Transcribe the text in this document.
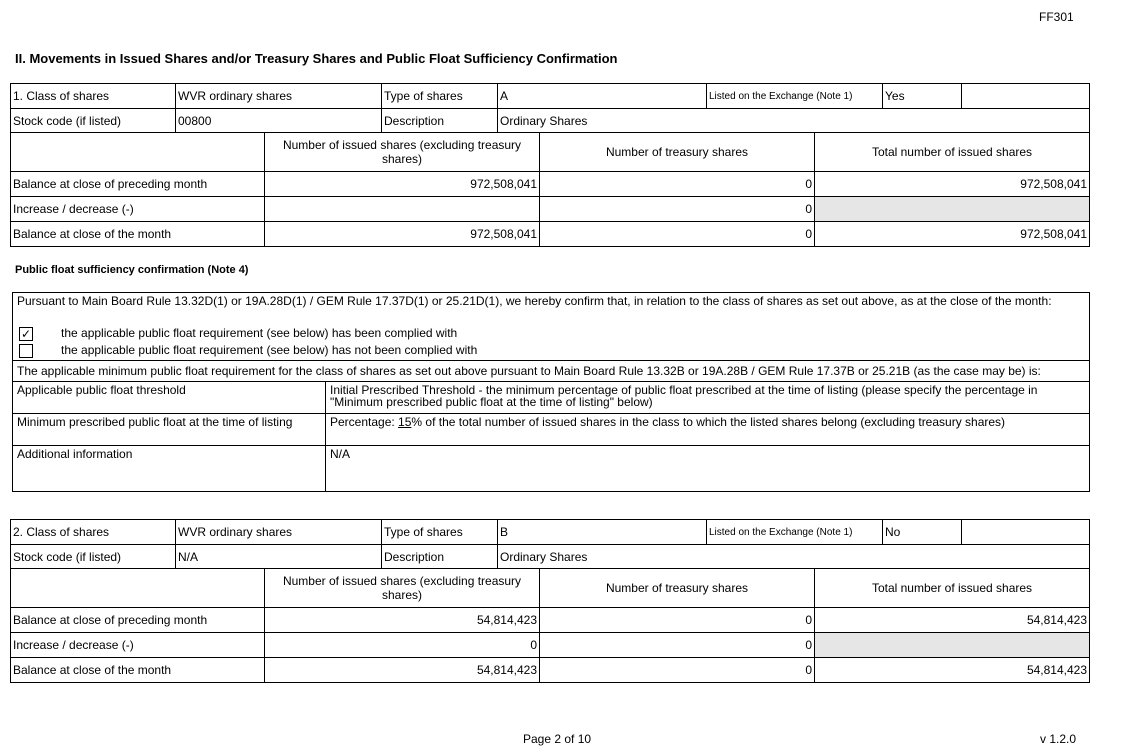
FF301
II. Movements in Issued Shares and/or Treasury Shares and Public Float Sufficiency Confirmation
1. Class of shares	WVR ordinary shares	Type of shares	A	Listed on the Exchange (Note 1)	Yes	
Stock code (if listed)	00800	Description	Ordinary Shares			
	Number of issued shares (excluding treasury shares)	Number of treasury shares	Total number of issued shares
Balance at close of preceding month	972,508,041	0	972,508,041
Increase / decrease (-)		0	
Balance at close of the month	972,508,041	0	972,508,041
Public float sufficiency confirmation (Note 4)
Pursuant to Main Board Rule 13.32D(1) or 19A.28D(1) / GEM Rule 17.37D(1) or 25.21D(1), we hereby confirm that, in relation to the class of shares as set out above, as at the close of the month:	
✓ the applicable public float requirement (see below) has been complied with	
the applicable public float requirement (see below) has not been complied with	
The applicable minimum public float requirement for the class of shares as set out above pursuant to Main Board Rule 13.32B or 19A.28B / GEM Rule 17.37B or 25.21B (as the case may be) is:	
Applicable public float threshold	Initial Prescribed Threshold - the minimum percentage of public float prescribed at the time of listing (please specify the percentage in "Minimum prescribed public float at the time of listing" below)
Minimum prescribed public float at the time of listing	Percentage: 15% of the total number of issued shares in the class to which the listed shares belong (excluding treasury shares)
Additional information	N/A
2. Class of shares	WVR ordinary shares	Type of shares	B	Listed on the Exchange (Note 1)	No	
Stock code (if listed)	N/A	Description	Ordinary Shares			
	Number of issued shares (excluding treasury shares)	Number of treasury shares	Total number of issued shares
Balance at close of preceding month	54,814,423	0	54,814,423
Increase / decrease (-)	0	0	
Balance at close of the month	54,814,423	0	54,814,423
Page 2 of 10	v 1.2.0
